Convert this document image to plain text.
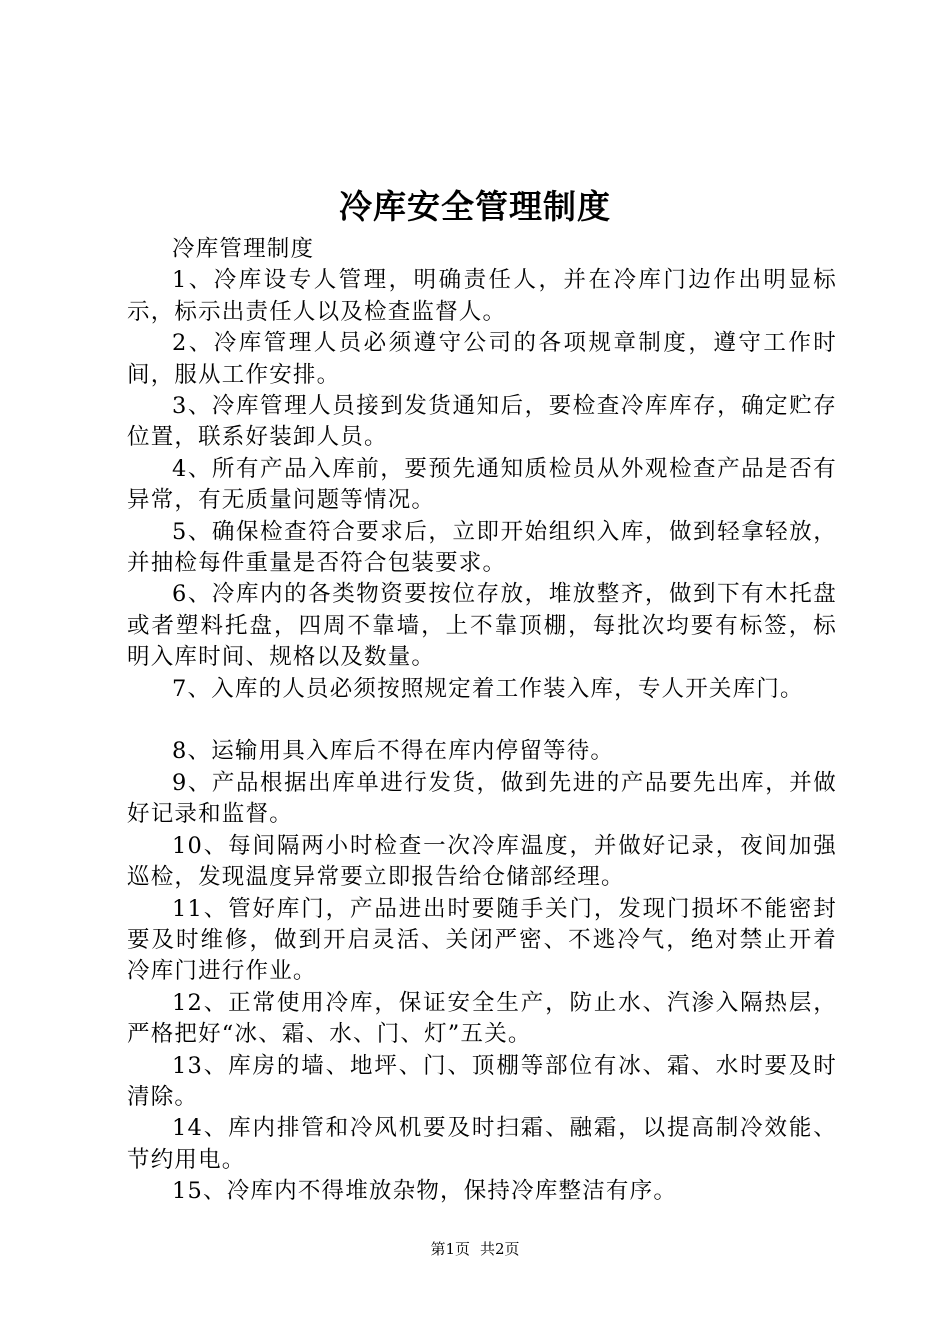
冷库安全管理制度

冷库管理制度

1、冷库设专人管理，明确责任人，并在冷库门边作出明显标示，标示出责任人以及检查监督人。

2、冷库管理人员必须遵守公司的各项规章制度，遵守工作时间，服从工作安排。

3、冷库管理人员接到发货通知后，要检查冷库库存，确定贮存位置，联系好装卸人员。

4、所有产品入库前，要预先通知质检员从外观检查产品是否有异常，有无质量问题等情况。

5、确保检查符合要求后，立即开始组织入库，做到轻拿轻放，并抽检每件重量是否符合包装要求。

6、冷库内的各类物资要按位存放，堆放整齐，做到下有木托盘或者塑料托盘，四周不靠墙，上不靠顶棚，每批次均要有标签，标明入库时间、规格以及数量。

7、入库的人员必须按照规定着工作装入库，专人开关库门。

8、运输用具入库后不得在库内停留等待。

9、产品根据出库单进行发货，做到先进的产品要先出库，并做好记录和监督。

10、每间隔两小时检查一次冷库温度，并做好记录，夜间加强巡检，发现温度异常要立即报告给仓储部经理。

11、管好库门，产品进出时要随手关门，发现门损坏不能密封要及时维修，做到开启灵活、关闭严密、不逃冷气，绝对禁止开着冷库门进行作业。

12、正常使用冷库，保证安全生产，防止水、汽渗入隔热层，严格把好“冰、霜、水、门、灯”五关。

13、库房的墙、地坪、门、顶棚等部位有冰、霜、水时要及时清除。

14、库内排管和冷风机要及时扫霜、融霜，以提高制冷效能、节约用电。

15、冷库内不得堆放杂物，保持冷库整洁有序。

第1页 共2页
